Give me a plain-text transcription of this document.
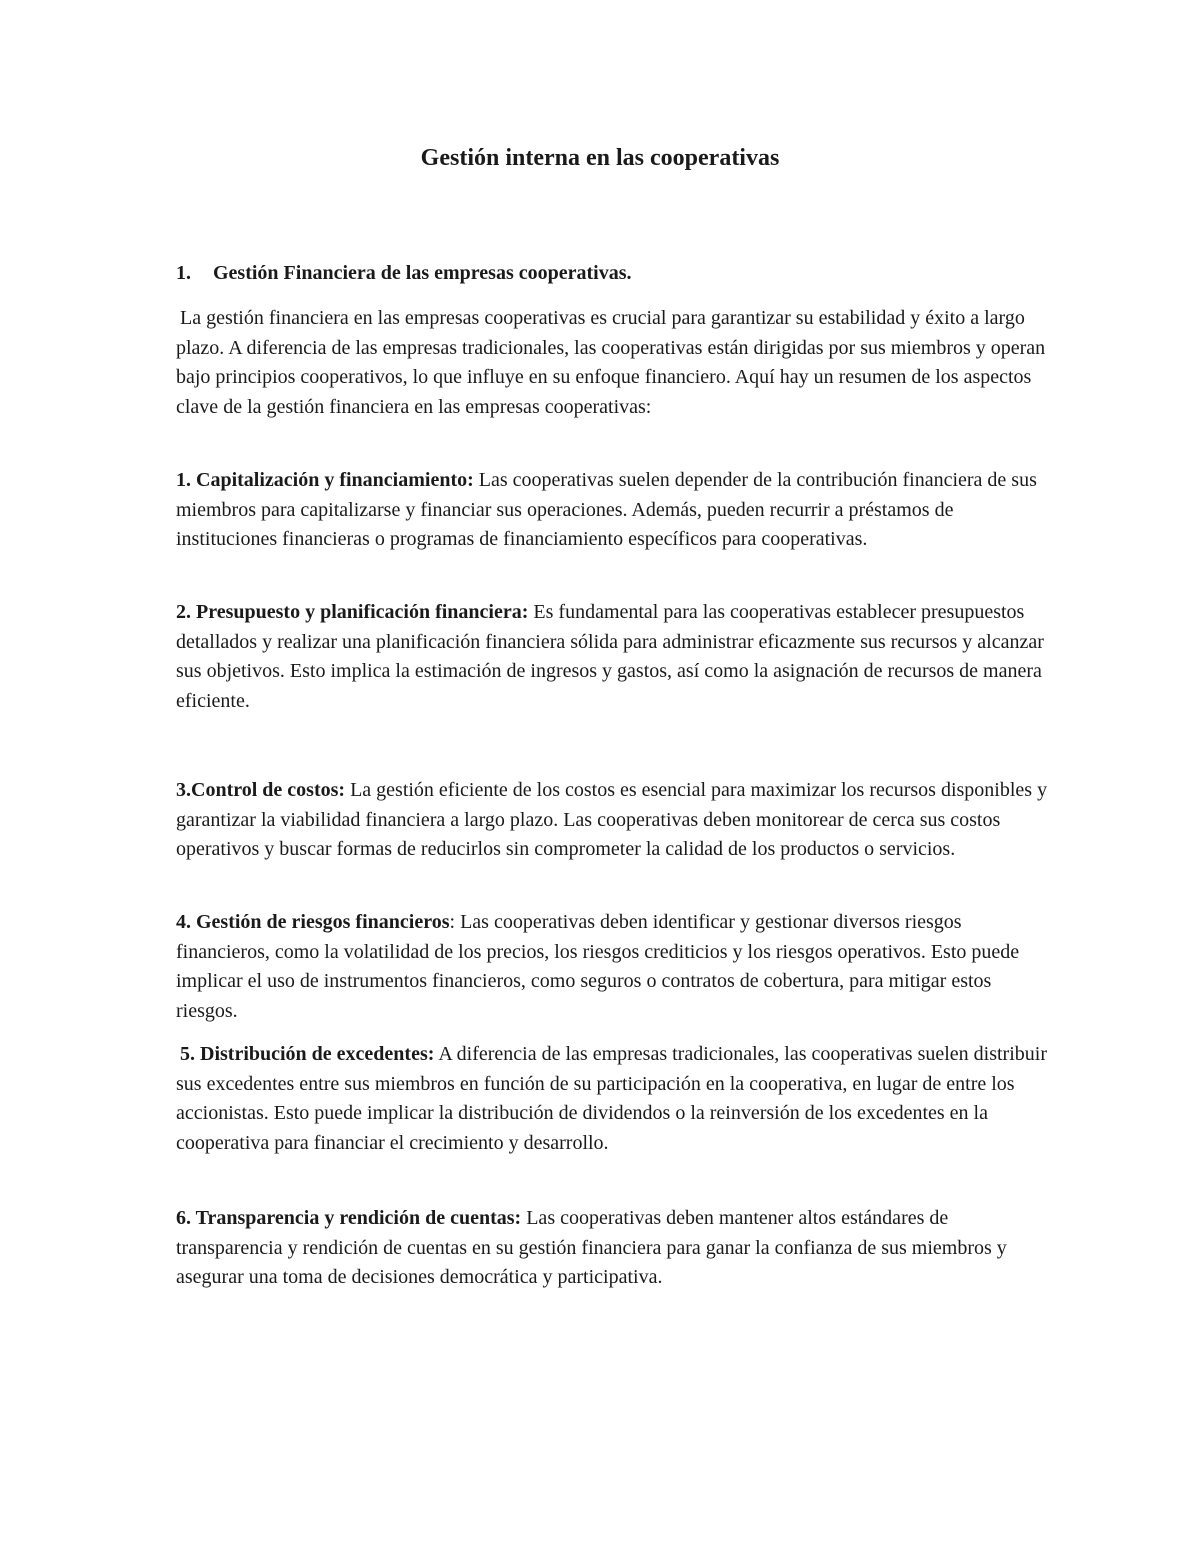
Gestión interna en las cooperativas
1. Gestión Financiera de las empresas cooperativas.

La gestión financiera en las empresas cooperativas es crucial para garantizar su estabilidad y éxito a largo plazo. A diferencia de las empresas tradicionales, las cooperativas están dirigidas por sus miembros y operan bajo principios cooperativos, lo que influye en su enfoque financiero. Aquí hay un resumen de los aspectos clave de la gestión financiera en las empresas cooperativas:

1. Capitalización y financiamiento: Las cooperativas suelen depender de la contribución financiera de sus miembros para capitalizarse y financiar sus operaciones. Además, pueden recurrir a préstamos de instituciones financieras o programas de financiamiento específicos para cooperativas.

2. Presupuesto y planificación financiera: Es fundamental para las cooperativas establecer presupuestos detallados y realizar una planificación financiera sólida para administrar eficazmente sus recursos y alcanzar sus objetivos. Esto implica la estimación de ingresos y gastos, así como la asignación de recursos de manera eficiente.

3.Control de costos: La gestión eficiente de los costos es esencial para maximizar los recursos disponibles y garantizar la viabilidad financiera a largo plazo. Las cooperativas deben monitorear de cerca sus costos operativos y buscar formas de reducirlos sin comprometer la calidad de los productos o servicios.

4. Gestión de riesgos financieros: Las cooperativas deben identificar y gestionar diversos riesgos financieros, como la volatilidad de los precios, los riesgos crediticios y los riesgos operativos. Esto puede implicar el uso de instrumentos financieros, como seguros o contratos de cobertura, para mitigar estos riesgos.

5. Distribución de excedentes: A diferencia de las empresas tradicionales, las cooperativas suelen distribuir sus excedentes entre sus miembros en función de su participación en la cooperativa, en lugar de entre los accionistas. Esto puede implicar la distribución de dividendos o la reinversión de los excedentes en la cooperativa para financiar el crecimiento y desarrollo.

6. Transparencia y rendición de cuentas: Las cooperativas deben mantener altos estándares de transparencia y rendición de cuentas en su gestión financiera para ganar la confianza de sus miembros y asegurar una toma de decisiones democrática y participativa.
